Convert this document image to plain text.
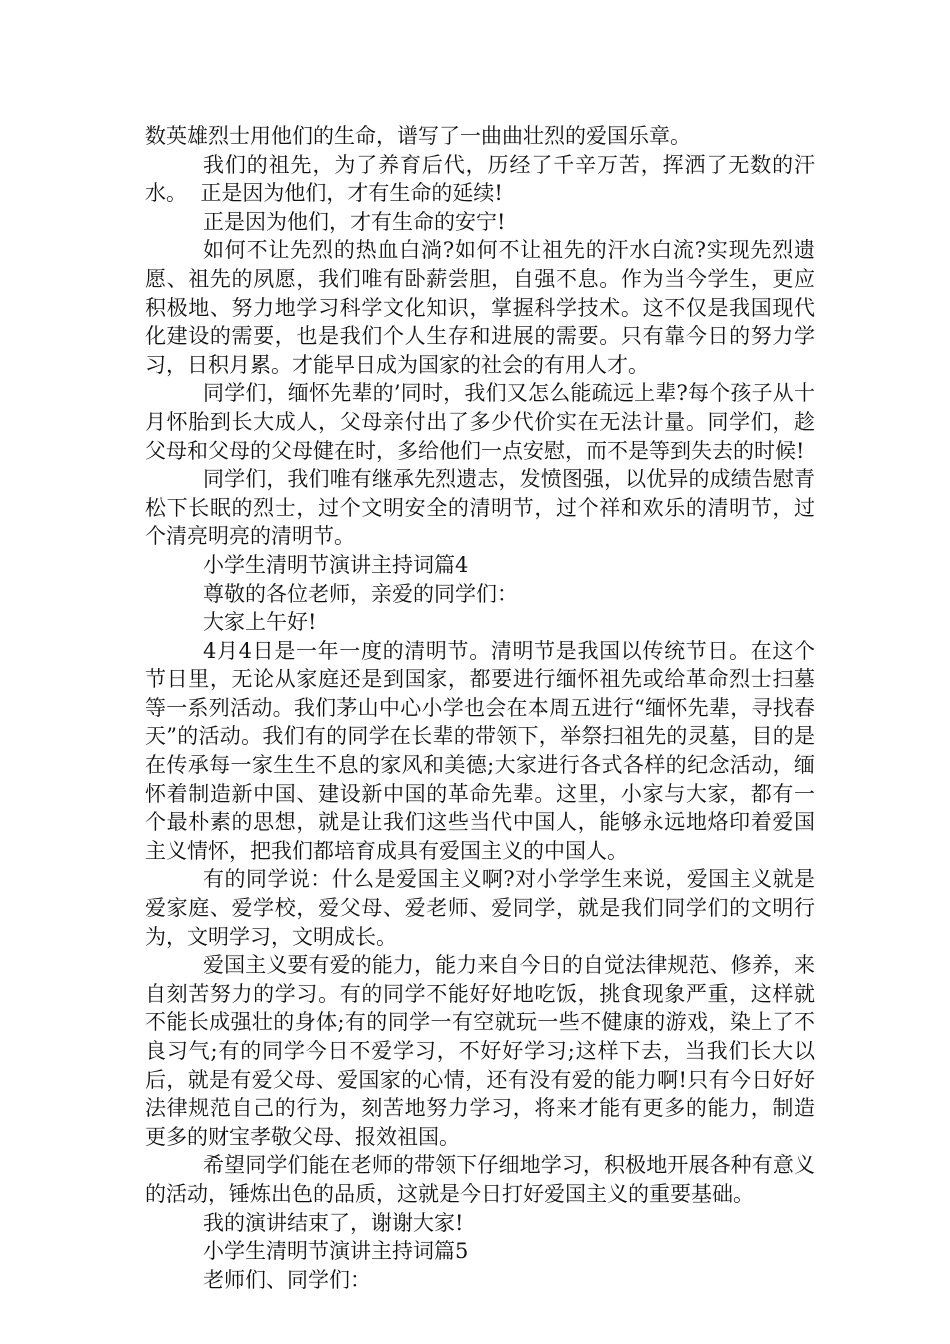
数英雄烈士用他们的生命，谱写了一曲曲壮烈的爱国乐章。

我们的祖先，为了养育后代，历经了千辛万苦，挥洒了无数的汗水。  正是因为他们，才有生命的延续!

正是因为他们，才有生命的安宁!

如何不让先烈的热血白淌?如何不让祖先的汗水白流?实现先烈遗愿、祖先的夙愿，我们唯有卧薪尝胆，自强不息。作为当今学生，更应积极地、努力地学习科学文化知识，掌握科学技术。这不仅是我国现代化建设的需要，也是我们个人生存和进展的需要。只有靠今日的努力学习，日积月累。才能早日成为国家的社会的有用人才。

同学们，缅怀先辈的’同时，我们又怎么能疏远上辈?每个孩子从十月怀胎到长大成人，父母亲付出了多少代价实在无法计量。同学们，趁父母和父母的父母健在时，多给他们一点安慰，而不是等到失去的时候!

同学们，我们唯有继承先烈遗志，发愤图强，以优异的成绩告慰青松下长眠的烈士，过个文明安全的清明节，过个祥和欢乐的清明节，过个清亮明亮的清明节。

小学生清明节演讲主持词篇4

尊敬的各位老师，亲爱的同学们：

大家上午好!

4月4日是一年一度的清明节。清明节是我国以传统节日。在这个节日里，无论从家庭还是到国家，都要进行缅怀祖先或给革命烈士扫墓等一系列活动。我们茅山中心小学也会在本周五进行“缅怀先辈，寻找春天”的活动。我们有的同学在长辈的带领下，举祭扫祖先的灵墓，目的是在传承每一家生生不息的家风和美德;大家进行各式各样的纪念活动，缅怀着制造新中国、建设新中国的革命先辈。这里，小家与大家，都有一个最朴素的思想，就是让我们这些当代中国人，能够永远地烙印着爱国主义情怀，把我们都培育成具有爱国主义的中国人。

有的同学说：什么是爱国主义啊?对小学学生来说，爱国主义就是爱家庭、爱学校，爱父母、爱老师、爱同学，就是我们同学们的文明行为，文明学习，文明成长。

爱国主义要有爱的能力，能力来自今日的自觉法律规范、修养，来自刻苦努力的学习。有的同学不能好好地吃饭，挑食现象严重，这样就不能长成强壮的身体;有的同学一有空就玩一些不健康的游戏，染上了不良习气;有的同学今日不爱学习，不好好学习;这样下去，当我们长大以后，就是有爱父母、爱国家的心情，还有没有爱的能力啊!只有今日好好法律规范自己的行为，刻苦地努力学习，将来才能有更多的能力，制造更多的财宝孝敬父母、报效祖国。

希望同学们能在老师的带领下仔细地学习，积极地开展各种有意义的活动，锤炼出色的品质，这就是今日打好爱国主义的重要基础。

我的演讲结束了，谢谢大家!

小学生清明节演讲主持词篇5

老师们、同学们：
